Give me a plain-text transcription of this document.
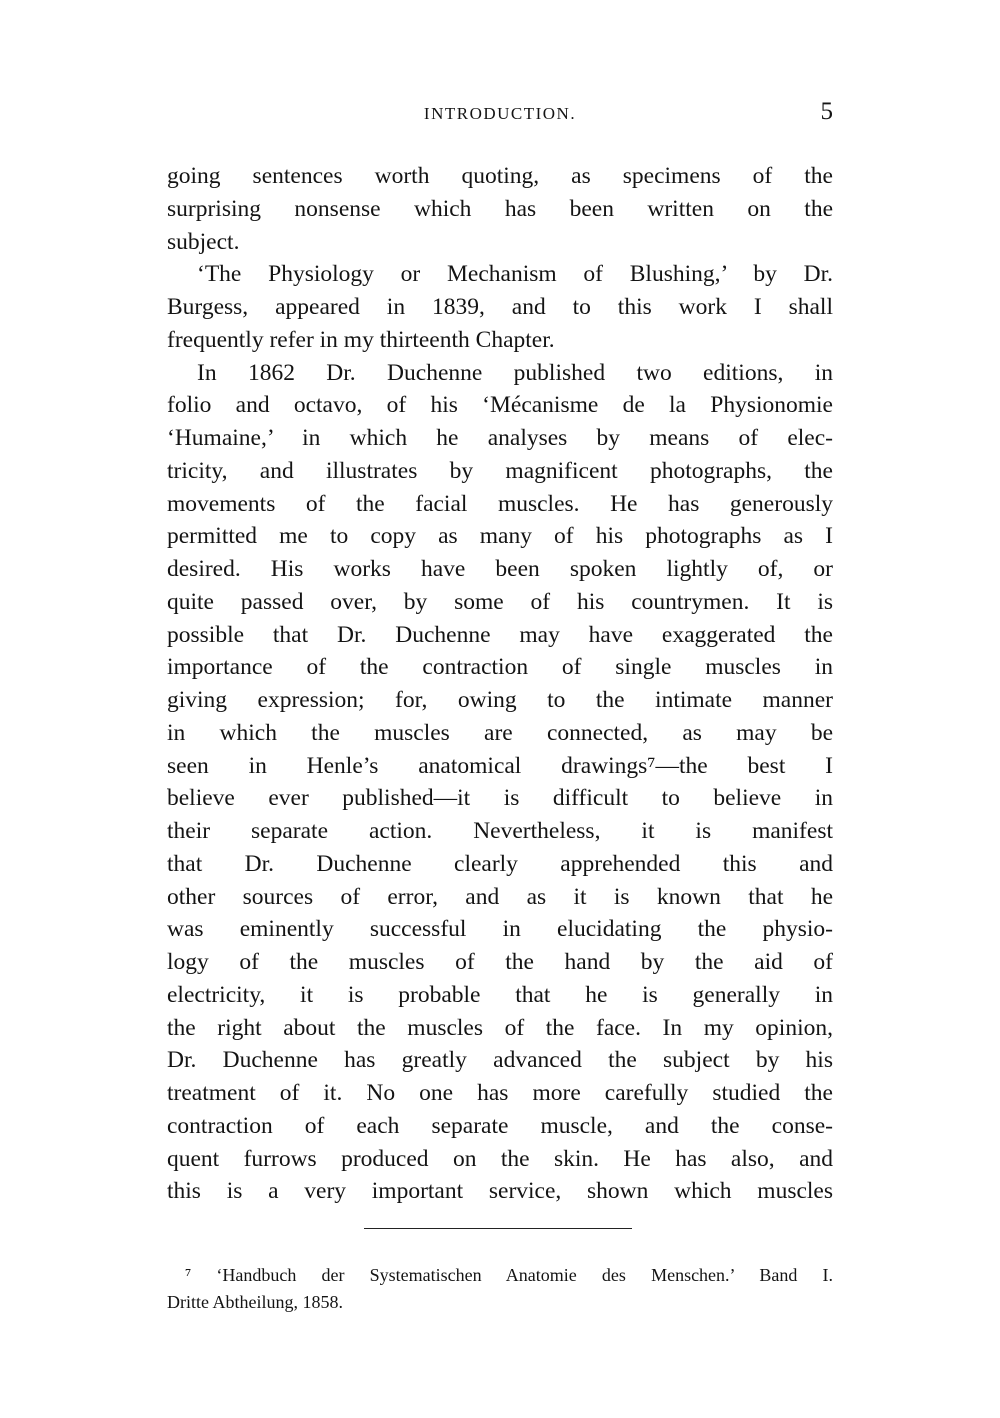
INTRODUCTION.	5
going sentences worth quoting, as specimens of the
surprising nonsense which has been written on the
subject.
‘The Physiology or Mechanism of Blushing,’ by Dr.
Burgess, appeared in 1839, and to this work I shall
frequently refer in my thirteenth Chapter.
In 1862 Dr. Duchenne published two editions, in
folio and octavo, of his ‘Mécanisme de la Physionomie
‘Humaine,’ in which he analyses by means of elec-
tricity, and illustrates by magnificent photographs, the
movements of the facial muscles. He has generously
permitted me to copy as many of his photographs as I
desired. His works have been spoken lightly of, or
quite passed over, by some of his countrymen. It is
possible that Dr. Duchenne may have exaggerated the
importance of the contraction of single muscles in
giving expression; for, owing to the intimate manner
in which the muscles are connected, as may be
seen in Henle’s anatomical drawings⁷—the best I
believe ever published—it is difficult to believe in
their separate action. Nevertheless, it is manifest
that Dr. Duchenne clearly apprehended this and
other sources of error, and as it is known that he
was eminently successful in elucidating the physio-
logy of the muscles of the hand by the aid of
electricity, it is probable that he is generally in
the right about the muscles of the face. In my opinion,
Dr. Duchenne has greatly advanced the subject by his
treatment of it. No one has more carefully studied the
contraction of each separate muscle, and the conse-
quent furrows produced on the skin. He has also, and
this is a very important service, shown which muscles
⁷ ‘Handbuch der Systematischen Anatomie des Menschen.’ Band I.
Dritte Abtheilung, 1858.
